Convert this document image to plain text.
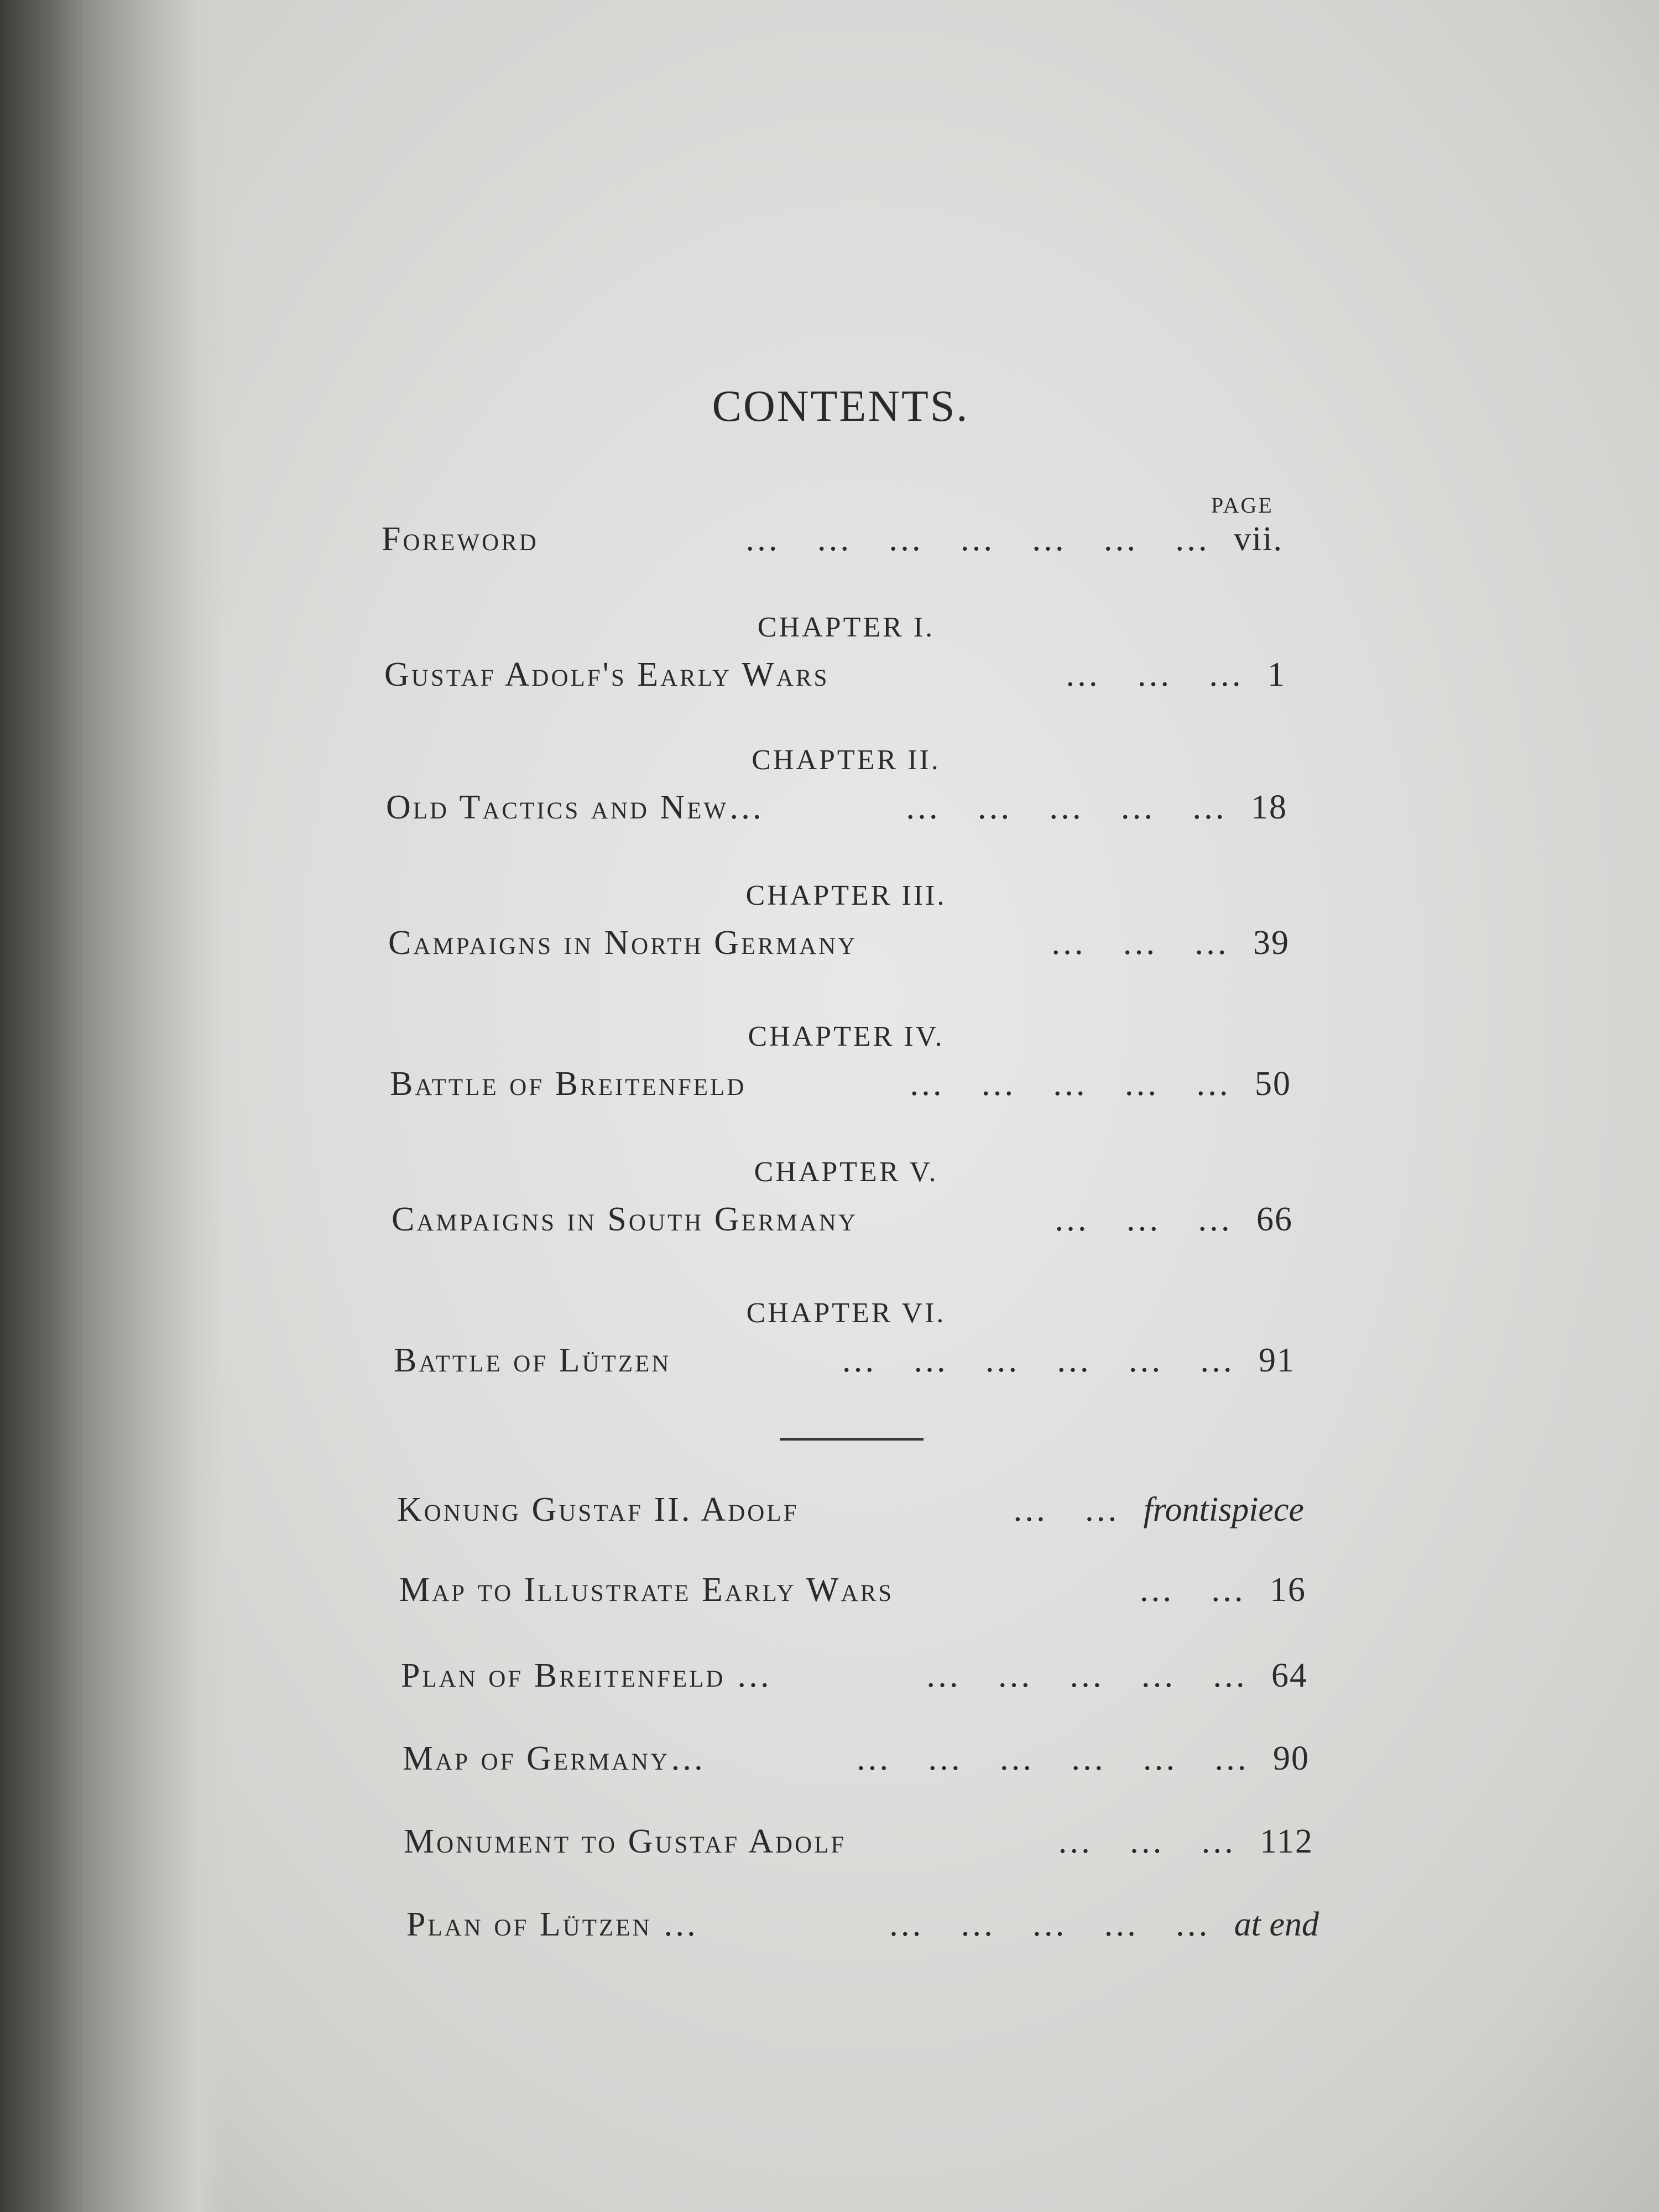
CONTENTS.
PAGE
Foreword	… … … … … … … vii.
CHAPTER I.
Gustaf Adolf's Early Wars	… … … 1
CHAPTER II.
Old Tactics and New…	… … … … … 18
CHAPTER III.
Campaigns in North Germany	… … … 39
CHAPTER IV.
Battle of Breitenfeld	… … … … … 50
CHAPTER V.
Campaigns in South Germany	… … … 66
CHAPTER VI.
Battle of Lützen	… … … … … … 91
Konung Gustaf II. Adolf	… … frontispiece
Map to Illustrate Early Wars	… … 16
Plan of Breitenfeld …	… … … … … 64
Map of Germany…	… … … … … … 90
Monument to Gustaf Adolf	… … … 112
Plan of Lützen …	… … … … … at end
